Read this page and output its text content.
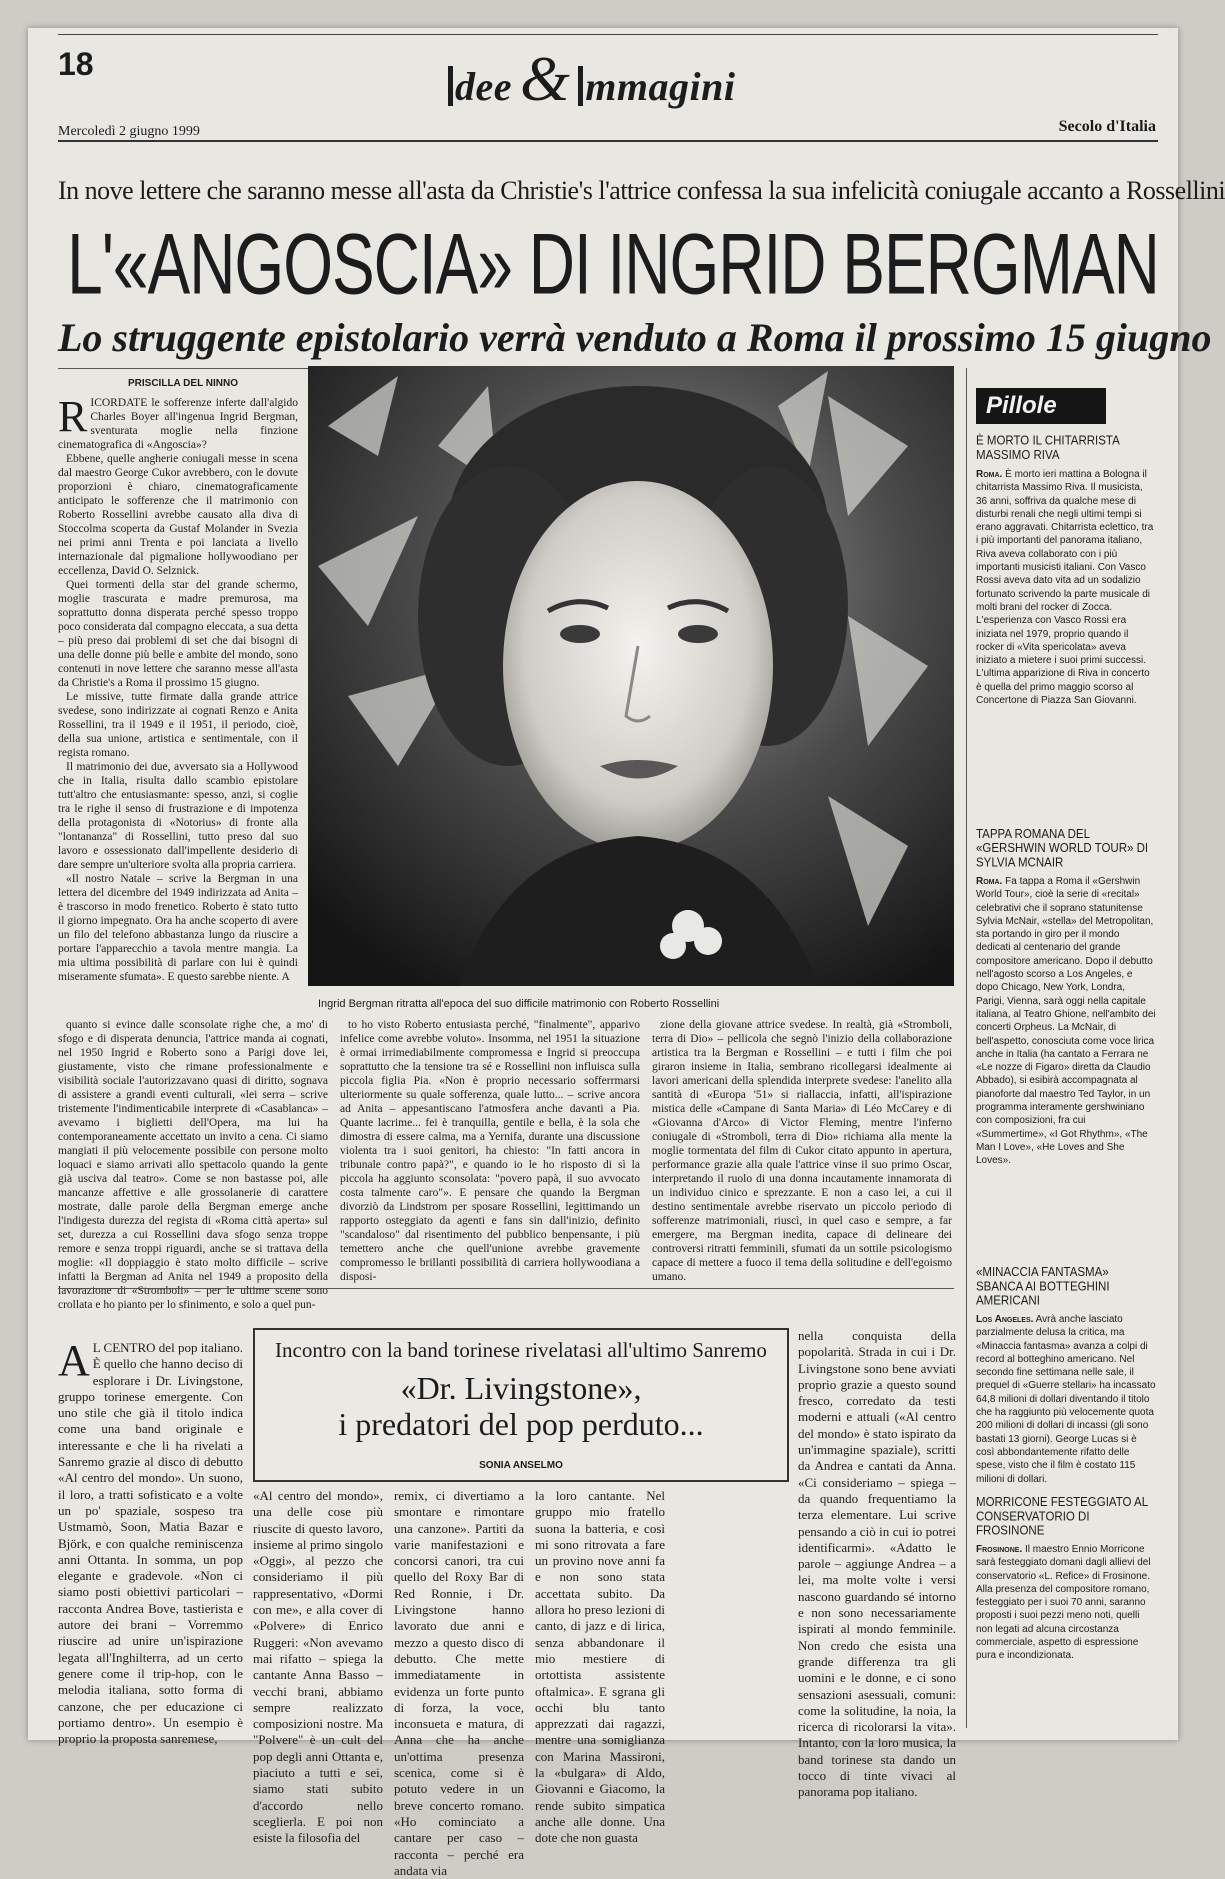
18	dee & mmagini
Mercoledì 2 giugno 1999	Secolo d'Italia
In nove lettere che saranno messe all'asta da Christie's l'attrice confessa la sua infelicità coniugale accanto a Rossellini
L'«ANGOSCIA» DI INGRID BERGMAN
Lo struggente epistolario verrà venduto a Roma il prossimo 15 giugno
PRISCILLA DEL NINNO
R ICORDATE le sofferenze inferte dall'algido Charles Boyer all'ingenua Ingrid Bergman, sventurata moglie nella finzione cinematografica di «Angoscia»?

Ebbene, quelle angherie coniugali messe in scena dal maestro George Cukor avrebbero, con le dovute proporzioni è chiaro, cinematograficamente anticipato le sofferenze che il matrimonio con Roberto Rossellini avrebbe causato alla diva di Stoccolma scoperta da Gustaf Molander in Svezia nei primi anni Trenta e poi lanciata a livello internazionale dal pigmalione hollywoodiano per eccellenza, David O. Selznick.

Quei tormenti della star del grande schermo, moglie trascurata e madre premurosa, ma soprattutto donna disperata perché spesso troppo poco considerata dal compagno eleccata, a sua detta – più preso dai problemi di set che dai bisogni di una delle donne più belle e ambite del mondo, sono contenuti in nove lettere che saranno messe all'asta da Christie's a Roma il prossimo 15 giugno.

Le missive, tutte firmate dalla grande attrice svedese, sono indirizzate ai cognati Renzo e Anita Rossellini, tra il 1949 e il 1951, il periodo, cioè, della sua unione, artistica e sentimentale, con il regista romano.

Il matrimonio dei due, avversato sia a Hollywood che in Italia, risulta dallo scambio epistolare tutt'altro che entusiasmante: spesso, anzi, si coglie tra le righe il senso di frustrazione e di impotenza della protagonista di «Notorius» di fronte alla "lontananza" di Rossellini, tutto preso dal suo lavoro e ossessionato dall'impellente desiderio di dare sempre un'ulteriore svolta alla propria carriera.

«Il nostro Natale – scrive la Bergman in una lettera del dicembre del 1949 indirizzata ad Anita – è trascorso in modo frenetico. Roberto è stato tutto il giorno impegnato. Ora ha anche scoperto di avere un filo del telefono abbastanza lungo da riuscire a portare l'apparecchio a tavola mentre mangia. La mia ultima possibilità di parlare con lui è quindi miseramente sfumata». E questo sarebbe niente. A

Ingrid Bergman ritratta all'epoca del suo difficile matrimonio con Roberto Rossellini

quanto si evince dalle sconsolate righe che, a mo' di sfogo e di disperata denuncia, l'attrice manda ai cognati, nel 1950 Ingrid e Roberto sono a Parigi dove lei, giustamente, visto che rimane professionalmente e visibilità sociale l'autorizzavano quasi di diritto, sognava di assistere a grandi eventi culturali, «lei serra – scrive tristemente l'indimenticabile interprete di «Casablanca» – avevamo i biglietti dell'Opera, ma lui ha contemporaneamente accettato un invito a cena. Ci siamo mangiati il più velocemente possibile con persone molto loquaci e siamo arrivati allo spettacolo quando la gente già usciva dal teatro». Come se non bastasse poi, alle mancanze affettive e alle grossolanerie di carattere mostrate, dalle parole della Bergman emerge anche l'indigesta durezza del regista di «Roma città aperta» sul set, durezza a cui Rossellini dava sfogo senza troppe remore e senza troppi riguardi, anche se si trattava della moglie: «Il doppiaggio è stato molto difficile – scrive infatti la Bergman ad Anita nel 1949 a proposito della lavorazione di «Stromboli» – per le ultime scene sono crollata e ho pianto per lo sfinimento, e solo a quel pun-

to ho visto Roberto entusiasta perché, "finalmente", apparivo infelice come avrebbe voluto». Insomma, nel 1951 la situazione è ormai irrimediabilmente compromessa e Ingrid si preoccupa soprattutto che la tensione tra sé e Rossellini non influisca sulla piccola figlia Pia. «Non è proprio necessario sofferrmarsi ulteriormente su quale sofferenza, quale lutto... – scrive ancora ad Anita – appesantiscano l'atmosfera anche davanti a Pia. Quante lacrime... fei è tranquilla, gentile e bella, è la sola che dimostra di essere calma, ma a Yernifa, durante una discussione violenta tra i suoi genitori, ha chiesto: "In fatti ancora in tribunale contro papà?", e quando io le ho risposto di sì la piccola ha aggiunto sconsolata: "povero papà, il suo avvocato costa talmente caro"». E pensare che quando la Bergman divorziò da Lindstrom per sposare Rossellini, legittimando un rapporto osteggiato da agenti e fans sin dall'inizio, definito "scandaloso" dal risentimento del pubblico benpensante, i più temettero anche che quell'unione avrebbe gravemente compromesso le brillanti possibilità di carriera hollywoodiana a disposi-

zione della giovane attrice svedese. In realtà, già «Stromboli, terra di Dio» – pellicola che segnò l'inizio della collaborazione artistica tra la Bergman e Rossellini – e tutti i film che poi giraron insieme in Italia, sembrano ricollegarsi idealmente ai lavori americani della splendida interprete svedese: l'anelito alla santità di «Europa '51» si riallaccia, infatti, all'ispirazione mistica delle «Campane di Santa Maria» di Léo McCarey e di «Giovanna d'Arco» di Victor Fleming, mentre l'inferno coniugale di «Stromboli, terra di Dio» richiama alla mente la moglie tormentata del film di Cukor citato appunto in apertura, performance grazie alla quale l'attrice vinse il suo primo Oscar, interpretando il ruolo di una donna incautamente innamorata di un individuo cinico e sprezzante. E non a caso lei, a cui il destino sentimentale avrebbe riservato un piccolo periodo di sofferenze matrimoniali, riuscì, in quel caso e sempre, a far emergere, ma Bergman inedita, capace di delineare dei controversi ritratti femminili, sfumati da un sottile psicologismo capace di mettere a fuoco il tema della solitudine e dell'egoismo umano.

Pillole
È MORTO IL CHITARRISTA MASSIMO RIVA
Roma. È morto ieri mattina a Bologna il chitarrista Massimo Riva. Il musicista, 36 anni, soffriva da qualche mese di disturbi renali che negli ultimi tempi si erano aggravati. Chitarrista eclettico, tra i più importanti del panorama italiano, Riva aveva collaborato con i più importanti musicisti italiani. Con Vasco Rossi aveva dato vita ad un sodalizio fortunato scrivendo la parte musicale di molti brani del rocker di Zocca. L'esperienza con Vasco Rossi era iniziata nel 1979, proprio quando il rocker di «Vita spericolata» aveva iniziato a mietere i suoi primi successi. L'ultima apparizione di Riva in concerto è quella del primo maggio scorso al Concertone di Piazza San Giovanni.
TAPPA ROMANA DEL «GERSHWIN WORLD TOUR» DI SYLVIA MCNAIR
Roma. Fa tappa a Roma il «Gershwin World Tour», cioè la serie di «recital» celebrativi che il soprano statunitense Sylvia McNair, «stella» del Metropolitan, sta portando in giro per il mondo dedicati al centenario del grande compositore americano. Dopo il debutto nell'agosto scorso a Los Angeles, e dopo Chicago, New York, Londra, Parigi, Vienna, sarà oggi nella capitale italiana, al Teatro Ghione, nell'ambito dei concerti Orpheus. La McNair, di bell'aspetto, conosciuta come voce lirica anche in Italia (ha cantato a Ferrara ne «Le nozze di Figaro» diretta da Claudio Abbado), si esibirà accompagnata al pianoforte dal maestro Ted Taylor, in un programma interamente gershwiniano con composizioni, fra cui «Summertime», «I Got Rhythm», «The Man I Love», «He Loves and She Loves».
«MINACCIA FANTASMA» SBANCA AI BOTTEGHINI AMERICANI
Los Angeles. Avrà anche lasciato parzialmente delusa la critica, ma «Minaccia fantasma» avanza a colpi di record al botteghino americano. Nel secondo fine settimana nelle sale, il prequel di «Guerre stellari» ha incassato 64,8 milioni di dollari diventando il titolo che ha raggiunto più velocemente quota 200 milioni di dollari di incassi (gli sono bastati 13 giorni). George Lucas si è così abbondantemente rifatto delle spese, visto che il film è costato 115 milioni di dollari.
MORRICONE FESTEGGIATO AL CONSERVATORIO DI FROSINONE
Frosinone. Il maestro Ennio Morricone sarà festeggiato domani dagli allievi del conservatorio «L. Refice» di Frosinone. Alla presenza del compositore romano, festeggiato per i suoi 70 anni, saranno proposti i suoi pezzi meno noti, quelli non legati ad alcuna circostanza commerciale, aspetto di espressione pura e incondizionata.
A L CENTRO del pop italiano. È quello che hanno deciso di esplorare i Dr. Livingstone, gruppo torinese emergente. Con uno stile che già il titolo indica come una band originale e interessante e che li ha rivelati a Sanremo grazie al disco di debutto «Al centro del mondo». Un suono, il loro, a tratti sofisticato e a volte un po' spaziale, sospeso tra Ustmamò, Soon, Matia Bazar e Björk, e con qualche reminiscenza anni Ottanta. In somma, un pop elegante e gradevole. «Non ci siamo posti obiettivi particolari – racconta Andrea Bove, tastierista e autore dei brani – Vorremmo riuscire ad unire un'ispirazione legata all'Inghilterra, ad un certo genere come il trip-hop, con le melodia italiana, sotto forma di canzone, che per educazione ci portiamo dentro». Un esempio è proprio la proposta sanremese,
Incontro con la band torinese rivelatasi all'ultimo Sanremo
«Dr. Livingstone»,
i predatori del pop perduto...
SONIA ANSELMO
«Al centro del mondo», una delle cose più riuscite di questo lavoro, insieme al primo singolo «Oggi», al pezzo che consideriamo il più rappresentativo, «Dormi con me», e alla cover di «Polvere» di Enrico Ruggeri: «Non avevamo mai rifatto – spiega la cantante Anna Basso – vecchi brani, abbiamo sempre realizzato composizioni nostre. Ma "Polvere" è un cult del pop degli anni Ottanta e, piaciuto a tutti e sei, siamo stati subito d'accordo nello sceglierla. E poi non esiste la filosofia del
remix, ci divertiamo a smontare e rimontare una canzone». Partiti da varie manifestazioni e concorsi canori, tra cui quello del Roxy Bar di Red Ronnie, i Dr. Livingstone hanno lavorato due anni e mezzo a questo disco di debutto. Che mette immediatamente in evidenza un forte punto di forza, la voce, inconsueta e matura, di Anna che ha anche un'ottima presenza scenica, come si è potuto vedere in un breve concerto romano. «Ho cominciato a cantare per caso – racconta – perché era andata via
la loro cantante. Nel gruppo mio fratello suona la batteria, e così mi sono ritrovata a fare un provino nove anni fa e non sono stata accettata subito. Da allora ho preso lezioni di canto, di jazz e di lirica, senza abbandonare il mio mestiere di ortottista assistente oftalmica». E sgrana gli occhi blu tanto apprezzati dai ragazzi, mentre una somiglianza con Marina Massironi, la «bulgara» di Aldo, Giovanni e Giacomo, la rende subito simpatica anche alle donne. Una dote che non guasta
nella conquista della popolarità. Strada in cui i Dr. Livingstone sono bene avviati proprio grazie a questo sound fresco, corredato da testi moderni e attuali («Al centro del mondo» è stato ispirato da un'immagine spaziale), scritti da Andrea e cantati da Anna. «Ci consideriamo – spiega – da quando frequentiamo la terza elementare. Lui scrive pensando a ciò in cui io potrei identificarmi». «Adatto le parole – aggiunge Andrea – a lei, ma molte volte i versi nascono guardando sé intorno e non sono necessariamente ispirati al mondo femminile. Non credo che esista una grande differenza tra gli uomini e le donne, e ci sono sensazioni asessuali, comuni: come la solitudine, la noia, la ricerca di ricolorarsi la vita». Intanto, con la loro musica, la band torinese sta dando un tocco di tinte vivaci al panorama pop italiano.
